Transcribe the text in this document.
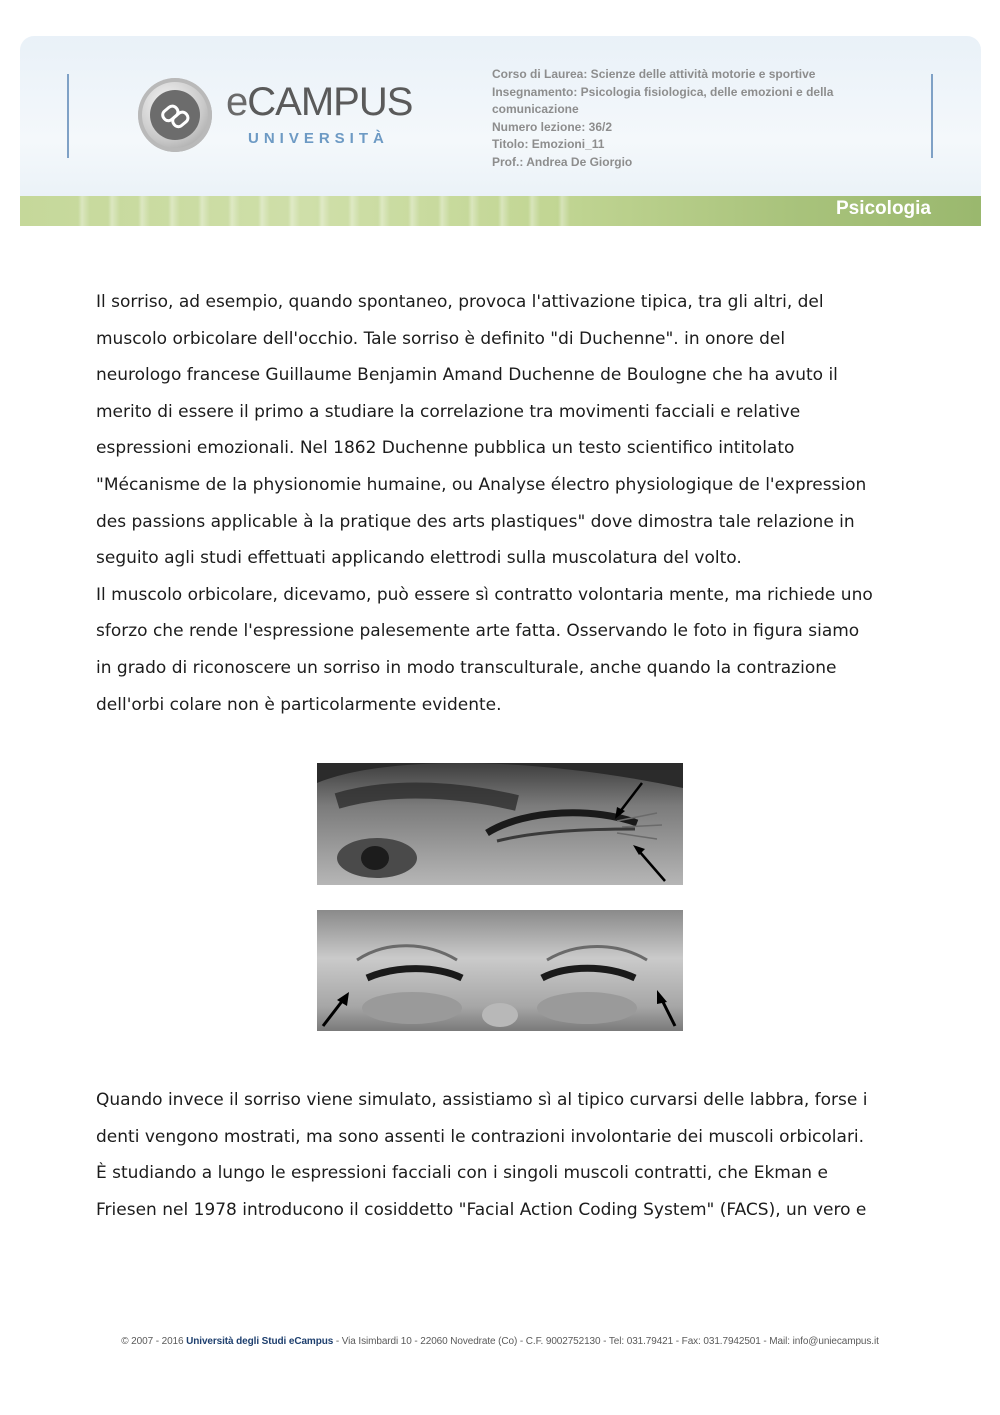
eCAMPUS
UNIVERSITÀ
Corso di Laurea: Scienze delle attività motorie e sportive
Insegnamento: Psicologia fisiologica, delle emozioni e della
comunicazione
Numero lezione: 36/2
Titolo: Emozioni_11
Prof.: Andrea De Giorgio
Psicologia

Il sorriso, ad esempio, quando spontaneo, provoca l'attivazione tipica, tra gli altri, del

muscolo orbicolare dell'occhio. Tale sorriso è definito "di Duchenne". in onore del

neurologo francese Guillaume Benjamin Amand Duchenne de Boulogne che ha avuto il

merito di essere il primo a studiare la correlazione tra movimenti facciali e relative

espressioni emozionali. Nel 1862 Duchenne pubblica un testo scientifico intitolato

"Mécanisme de la physionomie humaine, ou Analyse électro physiologique de l'expression

des passions applicable à la pratique des arts plastiques" dove dimostra tale relazione in

seguito agli studi effettuati applicando elettrodi sulla muscolatura del volto.

Il muscolo orbicolare, dicevamo, può essere sì contratto volontaria mente, ma richiede uno

sforzo che rende l'espressione palesemente arte fatta. Osservando le foto in figura siamo

in grado di riconoscere un sorriso in modo transculturale, anche quando la contrazione

dell'orbi colare non è particolarmente evidente.

Quando invece il sorriso viene simulato, assistiamo sì al tipico curvarsi delle labbra, forse i

denti vengono mostrati, ma sono assenti le contrazioni involontarie dei muscoli orbicolari.

È studiando a lungo le espressioni facciali con i singoli muscoli contratti, che Ekman e

Friesen nel 1978 introducono il cosiddetto "Facial Action Coding System" (FACS), un vero e

© 2007 - 2016 Università degli Studi eCampus - Via Isimbardi 10 - 22060 Novedrate (Co) - C.F. 9002752130 - Tel: 031.79421 - Fax: 031.7942501 - Mail: info@uniecampus.it
